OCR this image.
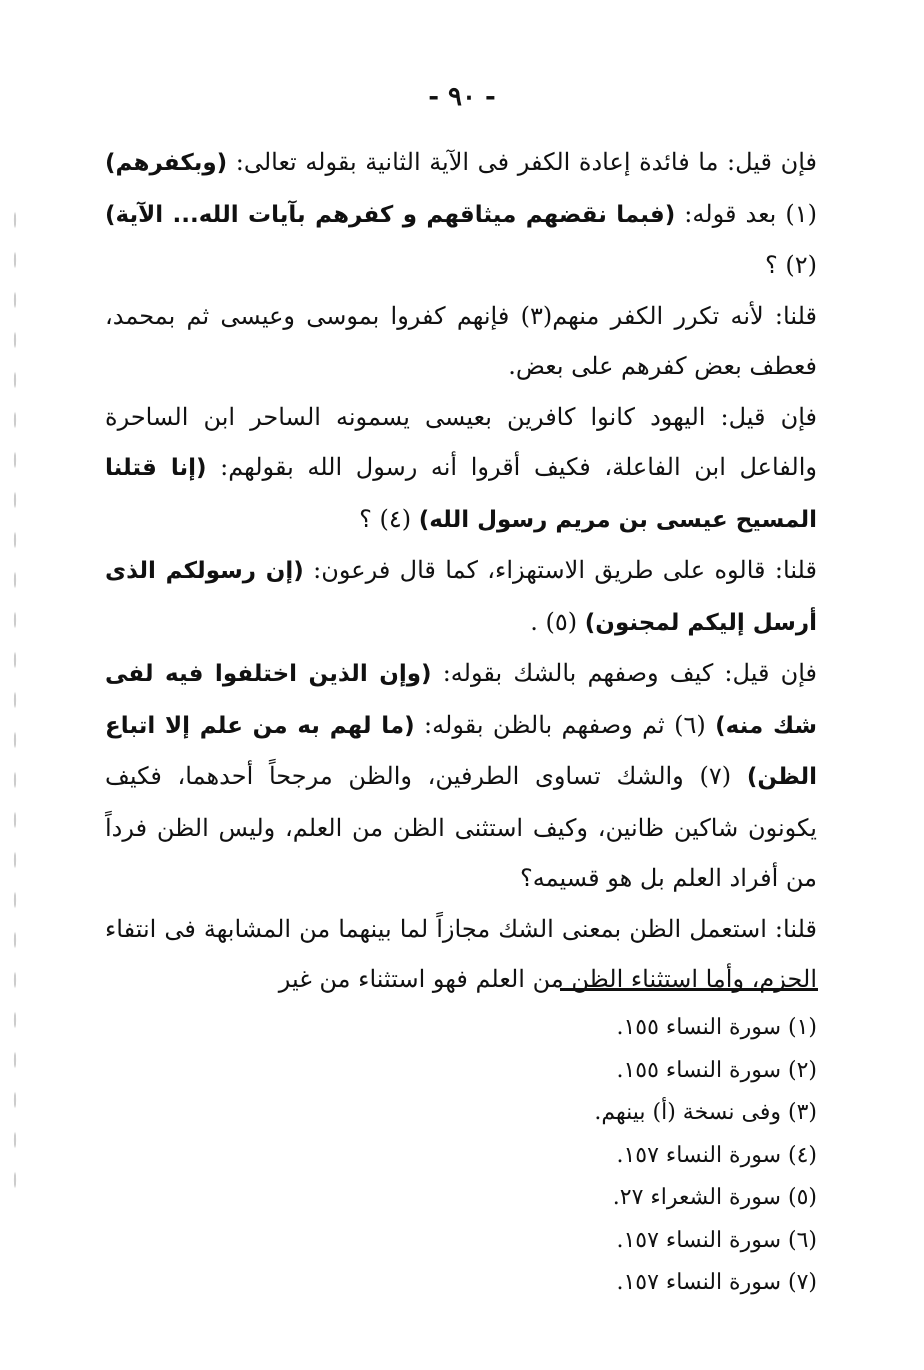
- ٩٠ -

فإن قيل: ما فائدة إعادة الكفر فى الآية الثانية بقوله تعالى: (وبكفرهم) (١) بعد قوله: (فبما نقضهم ميثاقهم و كفرهم بآيات الله... الآية) (٢) ؟

قلنا: لأنه تكرر الكفر منهم(٣) فإنهم كفروا بموسى وعيسى ثم بمحمد، فعطف بعض كفرهم على بعض.

فإن قيل: اليهود كانوا كافرين بعيسى يسمونه الساحر ابن الساحرة والفاعل ابن الفاعلة، فكيف أقروا أنه رسول الله بقولهم: (إنا قتلنا المسيح عيسى بن مريم رسول الله) (٤) ؟

قلنا: قالوه على طريق الاستهزاء، كما قال فرعون: (إن رسولكم الذى أرسل إليكم لمجنون) (٥) .

فإن قيل: كيف وصفهم بالشك بقوله: (وإن الذين اختلفوا فيه لفى شك منه) (٦) ثم وصفهم بالظن بقوله: (ما لهم به من علم إلا اتباع الظن) (٧) والشك تساوى الطرفين، والظن مرجحاً أحدهما، فكيف يكونون شاكين ظانين، وكيف استثنى الظن من العلم، وليس الظن فرداً من أفراد العلم بل هو قسيمه؟

قلنا: استعمل الظن بمعنى الشك مجازاً لما بينهما من المشابهة فى انتفاء الجزم، وأما استثناء الظن من العلم فهو استثناء من غير

(١) سورة النساء ١٥٥.
(٢) سورة النساء ١٥٥.
(٣) وفى نسخة (أ) بينهم.
(٤) سورة النساء ١٥٧.
(٥) سورة الشعراء ٢٧.
(٦) سورة النساء ١٥٧.
(٧) سورة النساء ١٥٧.
